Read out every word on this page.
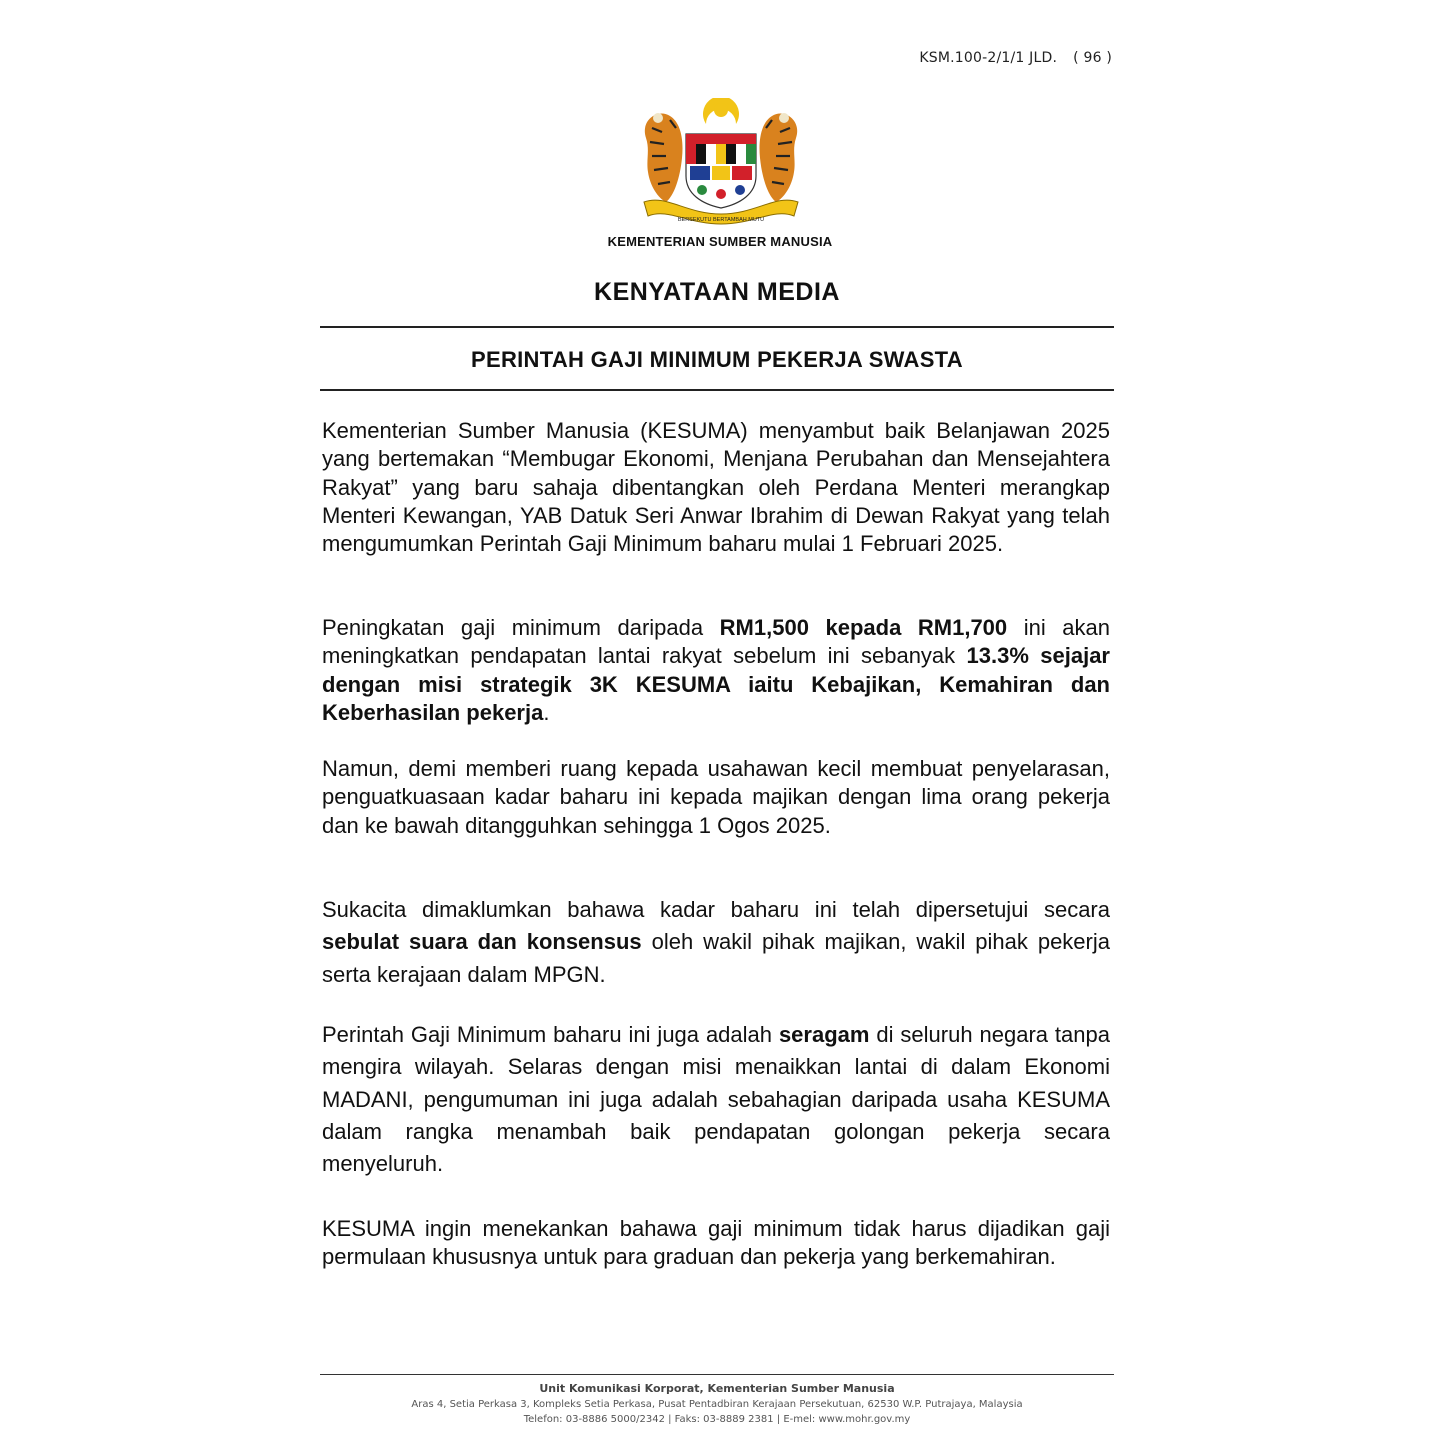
KSM.100-2/1/1 JLD. ( 96 )
BERSEKUTU BERTAMBAH MUTU
KEMENTERIAN SUMBER MANUSIA
KENYATAAN MEDIA
PERINTAH GAJI MINIMUM PEKERJA SWASTA

Kementerian Sumber Manusia (KESUMA) menyambut baik Belanjawan 2025 yang bertemakan “Membugar Ekonomi, Menjana Perubahan dan Mensejahtera Rakyat” yang baru sahaja dibentangkan oleh Perdana Menteri merangkap Menteri Kewangan, YAB Datuk Seri Anwar Ibrahim di Dewan Rakyat yang telah mengumumkan Perintah Gaji Minimum baharu mulai 1 Februari 2025.

Peningkatan gaji minimum daripada RM1,500 kepada RM1,700 ini akan meningkatkan pendapatan lantai rakyat sebelum ini sebanyak 13.3% sejajar dengan misi strategik 3K KESUMA iaitu Kebajikan, Kemahiran dan Keberhasilan pekerja.

Namun, demi memberi ruang kepada usahawan kecil membuat penyelarasan, penguatkuasaan kadar baharu ini kepada majikan dengan lima orang pekerja dan ke bawah ditangguhkan sehingga 1 Ogos 2025.

Sukacita dimaklumkan bahawa kadar baharu ini telah dipersetujui secara sebulat suara dan konsensus oleh wakil pihak majikan, wakil pihak pekerja serta kerajaan dalam MPGN.

Perintah Gaji Minimum baharu ini juga adalah seragam di seluruh negara tanpa mengira wilayah. Selaras dengan misi menaikkan lantai di dalam Ekonomi MADANI, pengumuman ini juga adalah sebahagian daripada usaha KESUMA dalam rangka menambah baik pendapatan golongan pekerja secara menyeluruh.

KESUMA ingin menekankan bahawa gaji minimum tidak harus dijadikan gaji permulaan khususnya untuk para graduan dan pekerja yang berkemahiran.

Unit Komunikasi Korporat, Kementerian Sumber Manusia
Aras 4, Setia Perkasa 3, Kompleks Setia Perkasa, Pusat Pentadbiran Kerajaan Persekutuan, 62530 W.P. Putrajaya, Malaysia
Telefon: 03-8886 5000/2342 | Faks: 03-8889 2381 | E-mel: www.mohr.gov.my
